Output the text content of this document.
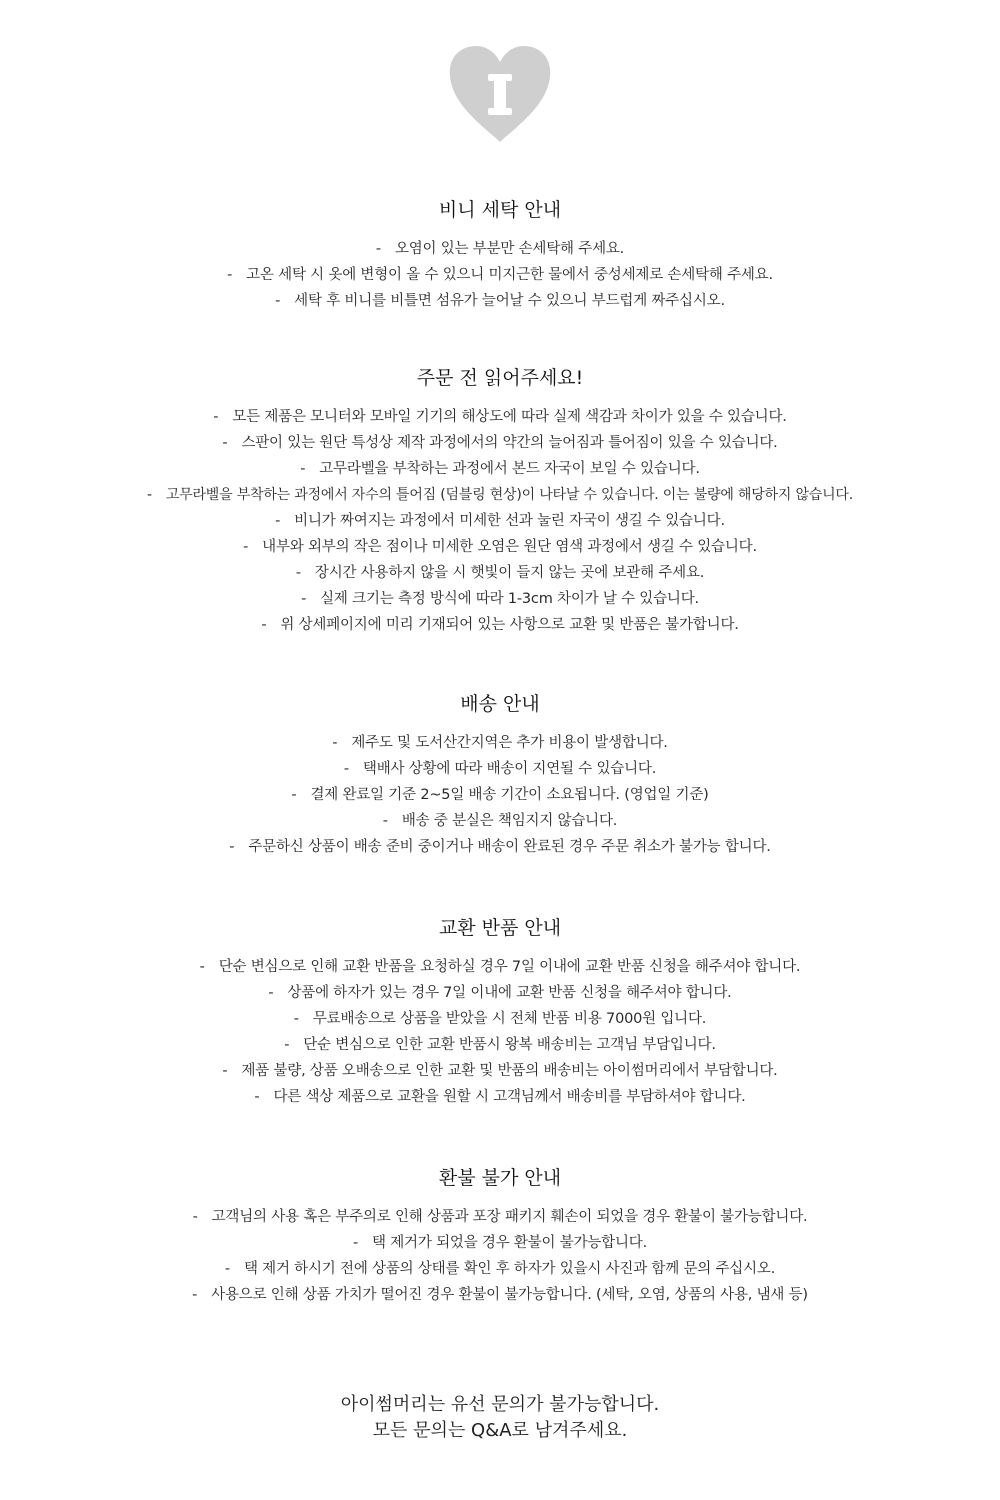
비니 세탁 안내
- 오염이 있는 부분만 손세탁해 주세요.
- 고온 세탁 시 옷에 변형이 올 수 있으니 미지근한 물에서 중성세제로 손세탁해 주세요.
- 세탁 후 비니를 비틀면 섬유가 늘어날 수 있으니 부드럽게 짜주십시오.
주문 전 읽어주세요!
- 모든 제품은 모니터와 모바일 기기의 해상도에 따라 실제 색감과 차이가 있을 수 있습니다.
- 스판이 있는 원단 특성상 제작 과정에서의 약간의 늘어짐과 틀어짐이 있을 수 있습니다.
- 고무라벨을 부착하는 과정에서 본드 자국이 보일 수 있습니다.
- 고무라벨을 부착하는 과정에서 자수의 틀어짐 (덤블링 현상)이 나타날 수 있습니다. 이는 불량에 해당하지 않습니다.
- 비니가 짜여지는 과정에서 미세한 선과 눌린 자국이 생길 수 있습니다.
- 내부와 외부의 작은 점이나 미세한 오염은 원단 염색 과정에서 생길 수 있습니다.
- 장시간 사용하지 않을 시 햇빛이 들지 않는 곳에 보관해 주세요.
- 실제 크기는 측정 방식에 따라 1-3cm 차이가 날 수 있습니다.
- 위 상세페이지에 미리 기재되어 있는 사항으로 교환 및 반품은 불가합니다.
배송 안내
- 제주도 및 도서산간지역은 추가 비용이 발생합니다.
- 택배사 상황에 따라 배송이 지연될 수 있습니다.
- 결제 완료일 기준 2~5일 배송 기간이 소요됩니다. (영업일 기준)
- 배송 중 분실은 책임지지 않습니다.
- 주문하신 상품이 배송 준비 중이거나 배송이 완료된 경우 주문 취소가 불가능 합니다.
교환 반품 안내
- 단순 변심으로 인해 교환 반품을 요청하실 경우 7일 이내에 교환 반품 신청을 해주셔야 합니다.
- 상품에 하자가 있는 경우 7일 이내에 교환 반품 신청을 해주셔야 합니다.
- 무료배송으로 상품을 받았을 시 전체 반품 비용 7000원 입니다.
- 단순 변심으로 인한 교환 반품시 왕복 배송비는 고객님 부담입니다.
- 제품 불량, 상품 오배송으로 인한 교환 및 반품의 배송비는 아이썸머리에서 부담합니다.
- 다른 색상 제품으로 교환을 원할 시 고객님께서 배송비를 부담하셔야 합니다.
환불 불가 안내
- 고객님의 사용 혹은 부주의로 인해 상품과 포장 패키지 훼손이 되었을 경우 환불이 불가능합니다.
- 택 제거가 되었을 경우 환불이 불가능합니다.
- 택 제거 하시기 전에 상품의 상태를 확인 후 하자가 있을시 사진과 함께 문의 주십시오.
- 사용으로 인해 상품 가치가 떨어진 경우 환불이 불가능합니다. (세탁, 오염, 상품의 사용, 냄새 등)
아이썸머리는 유선 문의가 불가능합니다.
모든 문의는 Q&A로 남겨주세요.
